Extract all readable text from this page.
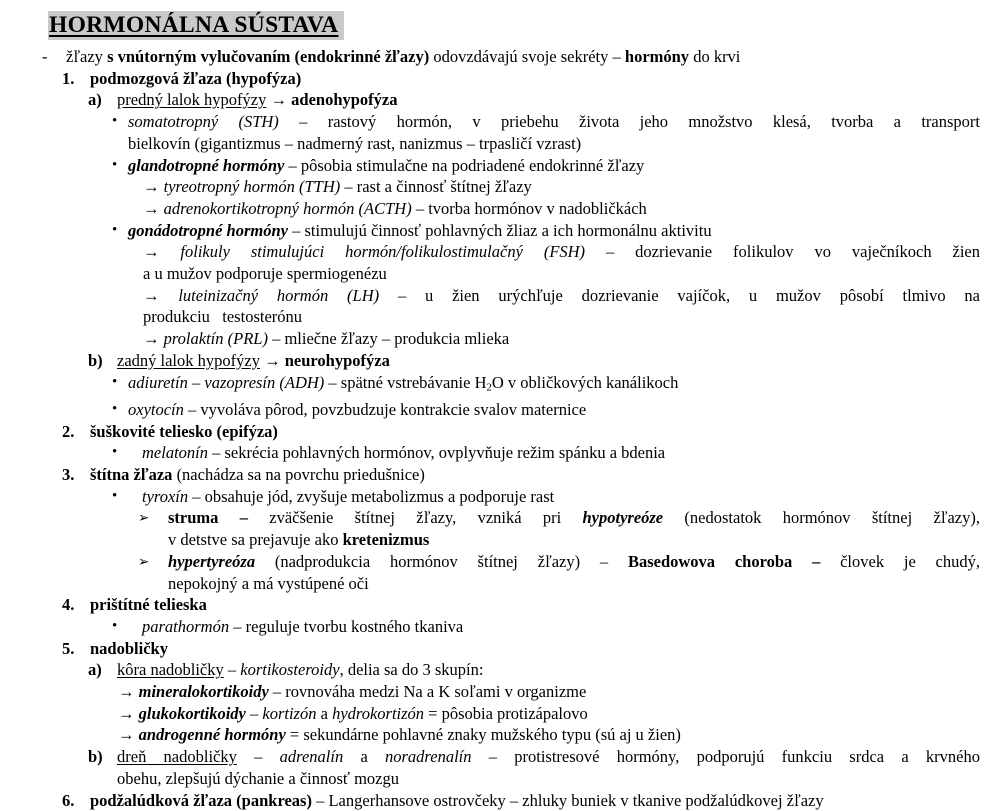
HORMONÁLNA SÚSTAVA
- žľazy s vnútorným vylučovaním (endokrinné žľazy) odovzdávajú svoje sekréty – hormóny do krvi
1. podmozgová žľaza (hypofýza)
a) predný lalok hypofýzy → adenohypofýza
• somatotropný (STH) – rastový hormón, v priebehu života jeho množstvo klesá, tvorba a transport
bielkovín (gigantizmus – nadmerný rast, nanizmus – trpasličí vzrast)
• glandotropné hormóny – pôsobia stimulačne na podriadené endokrinné žľazy
→ tyreotropný hormón (TTH) – rast a činnosť štítnej žľazy
→ adrenokortikotropný hormón (ACTH) – tvorba hormónov v nadobličkách
• gonádotropné hormóny – stimulujú činnosť pohlavných žliaz a ich hormonálnu aktivitu
→ folikuly stimulujúci hormón/folikulostimulačný (FSH) – dozrievanie folikulov vo vaječníkoch žien
a u mužov podporuje spermiogenézu
→ luteinizačný hormón (LH) – u žien urýchľuje dozrievanie vajíčok, u mužov pôsobí tlmivo na
produkciu   testosterónu
→ prolaktín (PRL) – mliečne žľazy – produkcia mlieka
b) zadný lalok hypofýzy → neurohypofýza
• adiuretín – vazopresín (ADH) – spätné vstrebávanie H2O v obličkových kanálikoch
• oxytocín – vyvoláva pôrod, povzbudzuje kontrakcie svalov maternice
2. šuškovité teliesko (epifýza)
• melatonín – sekrécia pohlavných hormónov, ovplyvňuje režim spánku a bdenia
3. štítna žľaza (nachádza sa na povrchu priedušnice)
• tyroxín – obsahuje jód, zvyšuje metabolizmus a podporuje rast
➢ struma – zväčšenie štítnej žľazy, vzniká pri hypotyreóze (nedostatok hormónov štítnej žľazy),
v detstve sa prejavuje ako kretenizmus
➢ hypertyreóza (nadprodukcia hormónov štítnej žľazy) – Basedowova choroba – človek je chudý,
nepokojný a má vystúpené oči
4. prištítné telieska
• parathormón – reguluje tvorbu kostného tkaniva
5. nadobličky
a) kôra nadobličky – kortikosteroidy, delia sa do 3 skupín:
→ mineralokortikoidy – rovnováha medzi Na a K soľami v organizme
→ glukokortikoidy – kortizón a hydrokortizón = pôsobia protizápalovo
→ androgenné hormóny = sekundárne pohlavné znaky mužského typu (sú aj u žien)
b) dreň nadobličky – adrenalín a noradrenalín – protistresové hormóny, podporujú funkciu srdca a krvného
obehu, zlepšujú dýchanie a činnosť mozgu
6. podžalúdková žľaza (pankreas) – Langerhansove ostrovčeky – zhluky buniek v tkanive podžalúdkovej žľazy
